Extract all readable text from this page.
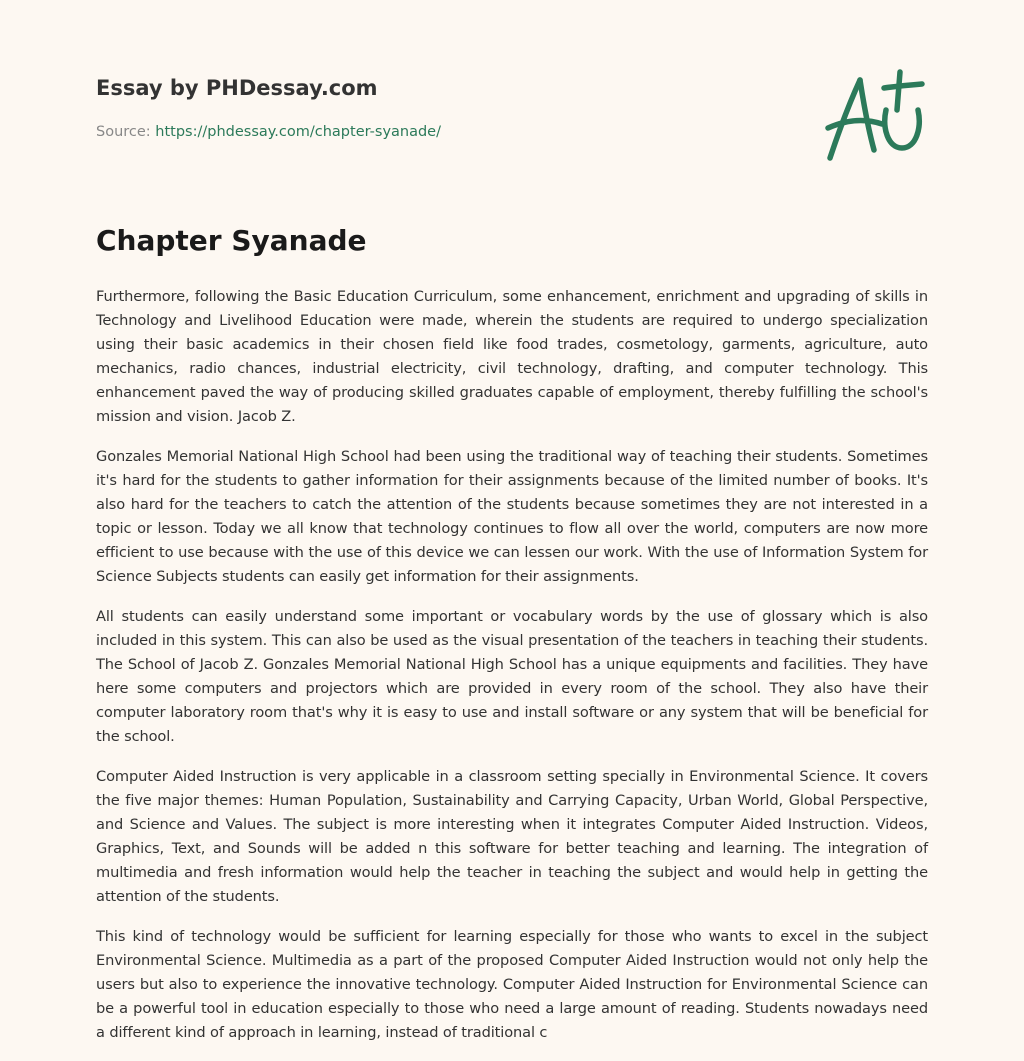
Essay by PHDessay.com
Source: https://phdessay.com/chapter-syanade/
Chapter Syanade

Furthermore, following the Basic Education Curriculum, some enhancement, enrichment and upgrading of skills in Technology and Livelihood Education were made, wherein the students are required to undergo specialization using their basic academics in their chosen field like food trades, cosmetology, garments, agriculture, auto mechanics, radio chances, industrial electricity, civil technology, drafting, and computer technology. This enhancement paved the way of producing skilled graduates capable of employment, thereby fulfilling the school's mission and vision. Jacob Z.

Gonzales Memorial National High School had been using the traditional way of teaching their students. Sometimes it's hard for the students to gather information for their assignments because of the limited number of books. It's also hard for the teachers to catch the attention of the students because sometimes they are not interested in a topic or lesson. Today we all know that technology continues to flow all over the world, computers are now more efficient to use because with the use of this device we can lessen our work. With the use of Information System for Science Subjects students can easily get information for their assignments.

All students can easily understand some important or vocabulary words by the use of glossary which is also included in this system. This can also be used as the visual presentation of the teachers in teaching their students. The School of Jacob Z. Gonzales Memorial National High School has a unique equipments and facilities. They have here some computers and projectors which are provided in every room of the school. They also have their computer laboratory room that's why it is easy to use and install software or any system that will be beneficial for the school.

Computer Aided Instruction is very applicable in a classroom setting specially in Environmental Science. It covers the five major themes: Human Population, Sustainability and Carrying Capacity, Urban World, Global Perspective, and Science and Values. The subject is more interesting when it integrates Computer Aided Instruction. Videos, Graphics, Text, and Sounds will be added n this software for better teaching and learning. The integration of multimedia and fresh information would help the teacher in teaching the subject and would help in getting the attention of the students.

This kind of technology would be sufficient for learning especially for those who wants to excel in the subject Environmental Science. Multimedia as a part of the proposed Computer Aided Instruction would not only help the users but also to experience the innovative technology. Computer Aided Instruction for Environmental Science can be a powerful tool in education especially to those who need a large amount of reading. Students nowadays need a different kind of approach in learning, instead of traditional c
